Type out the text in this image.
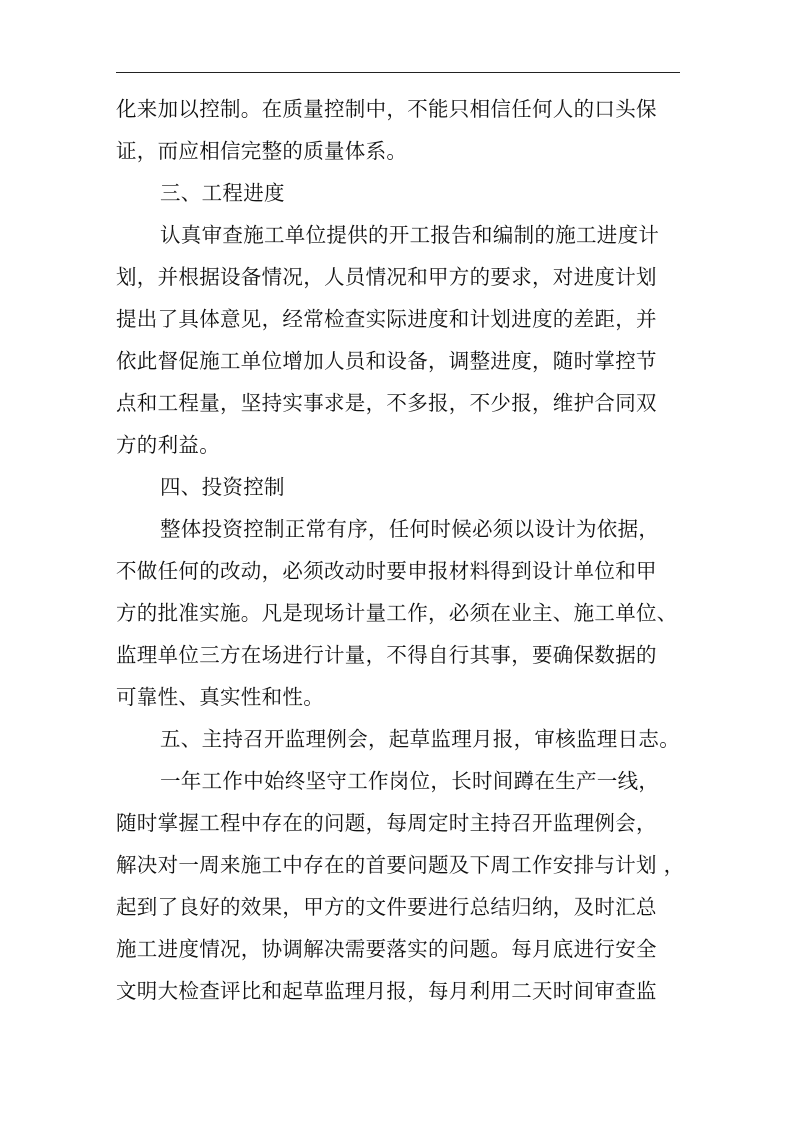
化来加以控制。在质量控制中，不能只相信任何人的口头保
证，而应相信完整的质量体系。
三、工程进度
认真审查施工单位提供的开工报告和编制的施工进度计
划，并根据设备情况，人员情况和甲方的要求，对进度计划
提出了具体意见，经常检查实际进度和计划进度的差距，并
依此督促施工单位增加人员和设备，调整进度，随时掌控节
点和工程量，坚持实事求是，不多报，不少报，维护合同双
方的利益。
四、投资控制
整体投资控制正常有序，任何时候必须以设计为依据，
不做任何的改动，必须改动时要申报材料得到设计单位和甲
方的批准实施。凡是现场计量工作，必须在业主、施工单位、
监理单位三方在场进行计量，不得自行其事，要确保数据的
可靠性、真实性和性。
五、主持召开监理例会，起草监理月报，审核监理日志。
一年工作中始终坚守工作岗位，长时间蹲在生产一线，
随时掌握工程中存在的问题，每周定时主持召开监理例会，
解决对一周来施工中存在的首要问题及下周工作安排与计划 ，
起到了良好的效果，甲方的文件要进行总结归纳，及时汇总
施工进度情况，协调解决需要落实的问题。每月底进行安全
文明大检查评比和起草监理月报，每月利用二天时间审查监
